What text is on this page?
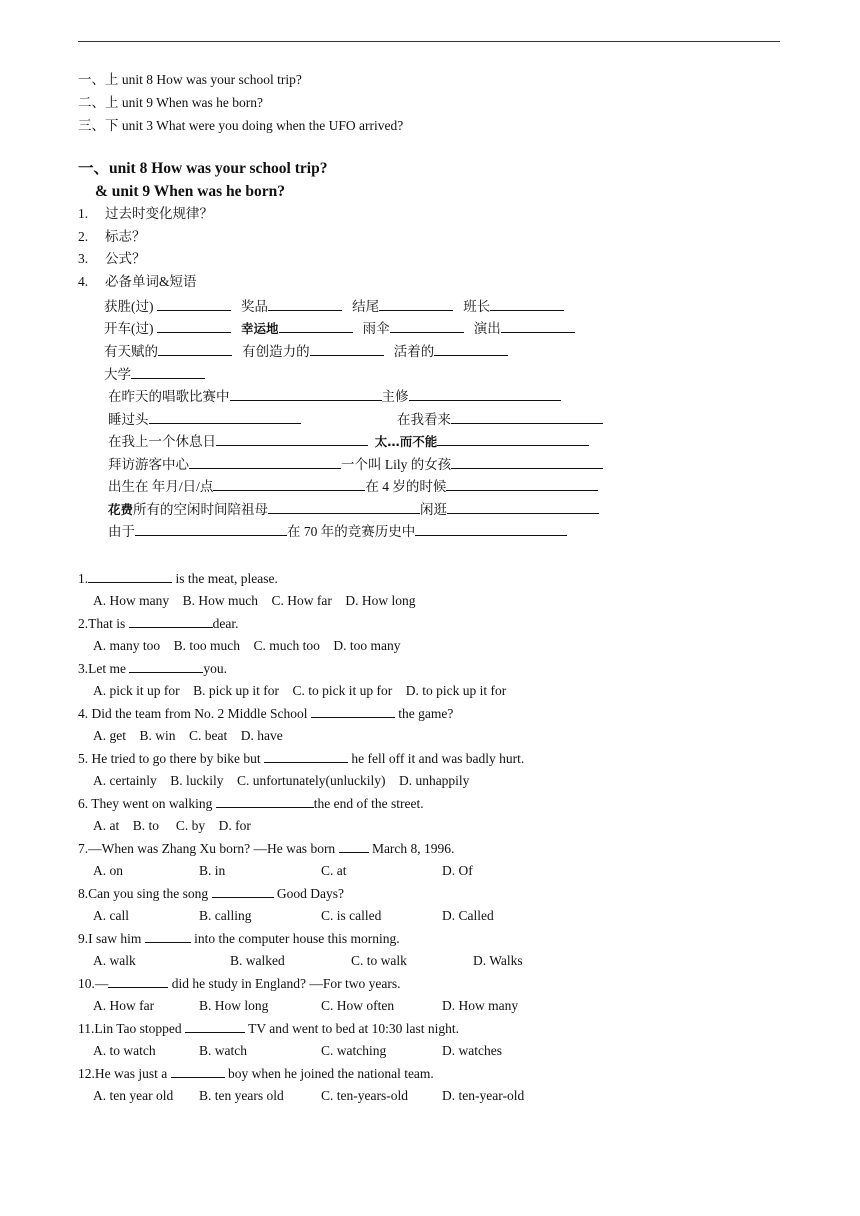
一、上 unit 8 How was your school trip?
二、上 unit 9 When was he born?
三、下 unit 3 What were you doing when the UFO arrived?
一、unit 8 How was your school trip?
& unit 9 When was he born?
1. 过去时变化规律？
2. 标志？
3. 公式？
4. 必备单词&短语
获胜(过)	奖品	结尾	班长
开车(过)	幸运地	雨伞	演出
有天赋的	有创造力的	活着的
大学
在昨天的唱歌比赛中	主修
睡过头	在我看来
在我上一个休息日	太…而不能
拜访游客中心	一个叫 Lily 的女孩
出生在 年月/日/点	在 4 岁的时候
花费所有的空闲时间陪祖母	闲逛
由于	在 70 年的竞赛历史中
1.	is the meat, please.
A. How many    B. How much    C. How far    D. How long
2.That is	dear.
A. many too    B. too much    C. much too    D. too many
3.Let me	you.
A. pick it up for    B. pick up it for    C. to pick it up for    D. to pick up it for
4. Did the team from No. 2 Middle School	the game?
A. get    B. win    C. beat    D. have
5. He tried to go there by bike but	he fell off it and was badly hurt.
A. certainly    B. luckily    C. unfortunately(unluckily)    D. unhappily
6. They went on walking	the end of the street.
A. at    B. to     C. by    D. for
7.—When was Zhang Xu born? —He was born  March 8, 1996.
A. on	B. in	C. at	D. Of
8.Can you sing the song	Good Days?
A. call	B. calling	C. is called	D. Called
9.I saw him	into the computer house this morning.
A. walk	B. walked	C. to walk	D. Walks
10.—	did he study in England? —For two years.
A. How far	B. How long	C. How often	D. How many
11.Lin Tao stopped	TV and went to bed at 10:30 last night.
A. to watch	B. watch	C. watching	D. watches
12.He was just a	boy when he joined the national team.
A. ten year old B. ten years old	C. ten-years-old	D. ten-year-old
